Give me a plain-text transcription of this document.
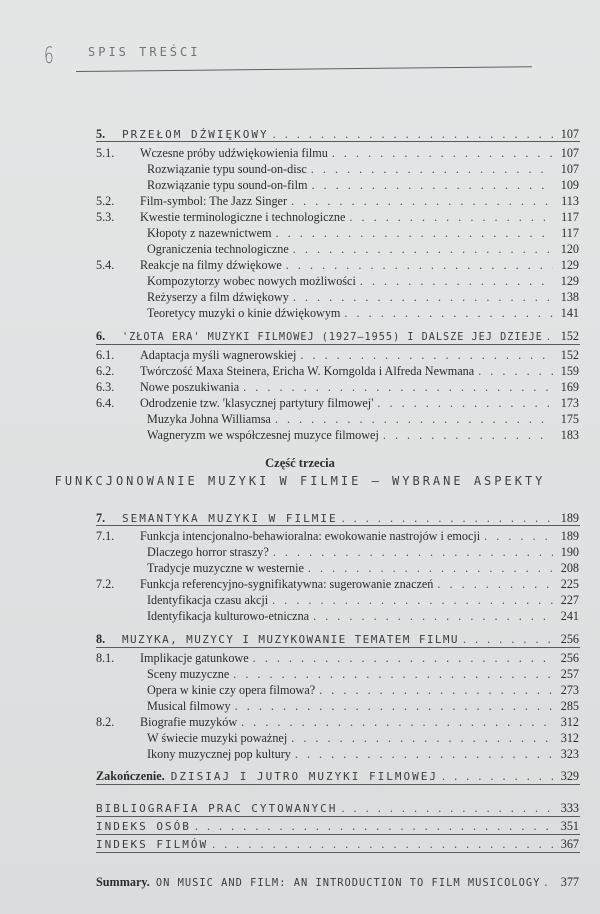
6	SPIS TREŚCI
5.	PRZEŁOM DŹWIĘKOWY . . .	107
5.1.	Wczesne próby udźwiękowienia filmu . . .	107
Rozwiązanie typu sound-on-disc . . .	107
Rozwiązanie typu sound-on-film . . .	109
5.2.	Film-symbol: The Jazz Singer . . .	113
5.3.	Kwestie terminologiczne i technologiczne . . .	117
Kłopoty z nazewnictwem . . .	117
Ograniczenia technologiczne . . .	120
5.4.	Reakcje na filmy dźwiękowe . . .	129
Kompozytorzy wobec nowych możliwości . . .	129
Reżyserzy a film dźwiękowy . . .	138
Teoretycy muzyki o kinie dźwiękowym . . .	141
6.	'ZŁOTA ERA' MUZYKI FILMOWEJ (1927–1955) I DALSZE JEJ DZIEJE . . .	152
6.1.	Adaptacja myśli wagnerowskiej . . .	152
6.2.	Twórczość Maxa Steinera, Ericha W. Korngolda i Alfreda Newmana . . .	159
6.3.	Nowe poszukiwania . . .	169
6.4.	Odrodzenie tzw. 'klasycznej partytury filmowej' . . .	173
Muzyka Johna Williamsa . . .	175
Wagneryzm we współczesnej muzyce filmowej . . .	183
Część trzecia
FUNKCJONOWANIE MUZYKI W FILMIE — WYBRANE ASPEKTY
7.	SEMANTYKA MUZYKI W FILMIE . . .	189
7.1.	Funkcja intencjonalno-behawioralna: ewokowanie nastrojów i emocji . . .	189
Dlaczego horror straszy? . . .	190
Tradycje muzyczne w westernie . . .	208
7.2.	Funkcja referencyjno-sygnifikatywna: sugerowanie znaczeń . . .	225
Identyfikacja czasu akcji . . .	227
Identyfikacja kulturowo-etniczna . . .	241
8.	MUZYKA, MUZYCY I MUZYKOWANIE TEMATEM FILMU . . .	256
8.1.	Implikacje gatunkowe . . .	256
Sceny muzyczne . . .	257
Opera w kinie czy opera filmowa? . . .	273
Musical filmowy . . .	285
8.2.	Biografie muzyków . . .	312
W świecie muzyki poważnej . . .	312
Ikony muzycznej pop kultury . . .	323
Zakończenie. DZISIAJ I JUTRO MUZYKI FILMOWEJ . . .	329
BIBLIOGRAFIA PRAC CYTOWANYCH . . .	333
INDEKS OSÓB . . .	351
INDEKS FILMÓW . . .	367
Summary. ON MUSIC AND FILM: AN INTRODUCTION TO FILM MUSICOLOGY . . .	377
